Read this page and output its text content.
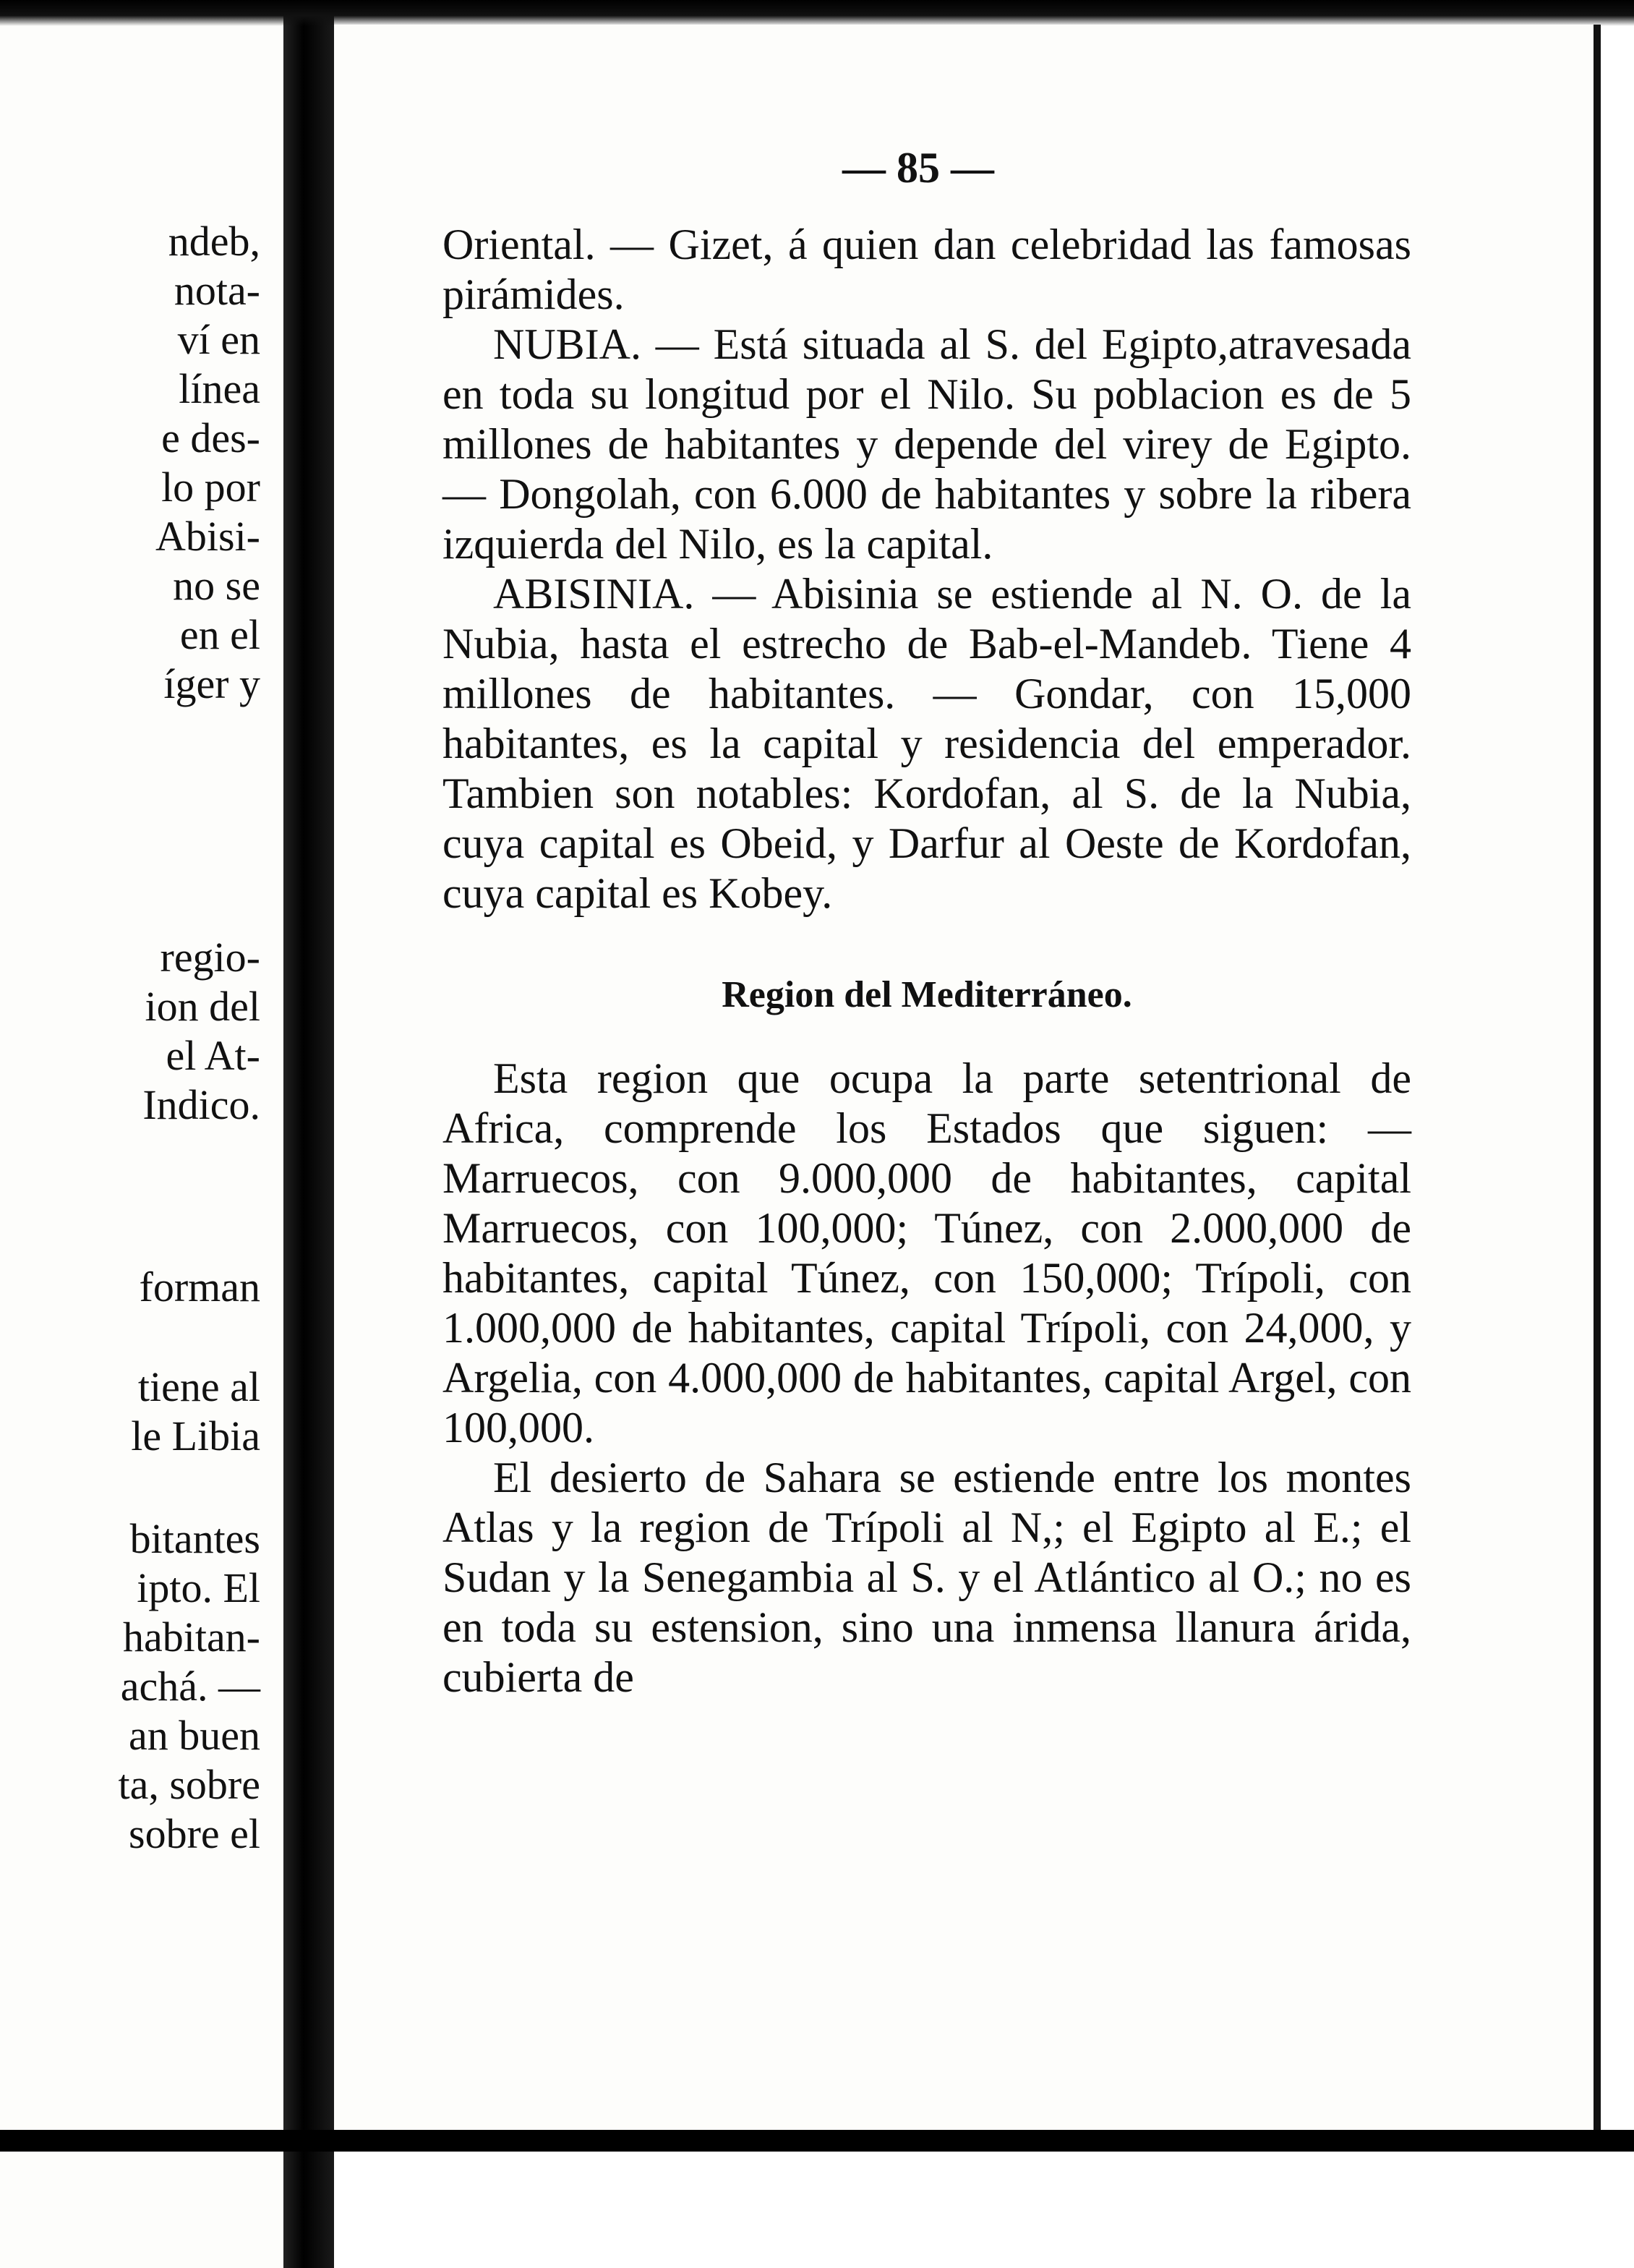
ndeb,
nota-
ví en
línea
e des-
lo por
Abisi-
no se
en el
íger y
regio-
ion del
el At-
Indico.
forman
tiene al
le Libia
bitantes
ipto. El
habitan-
achá. —
an buen
ta, sobre
sobre el
— 85 —

Oriental. — Gizet, á quien dan celebridad las famosas pirámides.

NUBIA. — Está situada al S. del Egipto,atravesada en toda su longitud por el Nilo. Su poblacion es de 5 millones de habitantes y depende del virey de Egipto. — Dongolah, con 6.000 de habitantes y sobre la ribera izquierda del Nilo, es la capital.

ABISINIA. — Abisinia se estiende al N. O. de la Nubia, hasta el estrecho de Bab-el-Mandeb. Tiene 4 millones de habitantes. — Gondar, con 15,000 habitantes, es la capital y residencia del emperador. Tambien son notables: Kordofan, al S. de la Nubia, cuya capital es Obeid, y Darfur al Oeste de Kordofan, cuya capital es Kobey.

Region del Mediterráneo.

Esta region que ocupa la parte setentrional de Africa, comprende los Estados que siguen: — Marruecos, con 9.000,000 de habitantes, capital Marruecos, con 100,000; Túnez, con 2.000,000 de habitantes, capital Túnez, con 150,000; Trípoli, con 1.000,000 de habitantes, capital Trípoli, con 24,000, y Argelia, con 4.000,000 de habitantes, capital Argel, con 100,000.

El desierto de Sahara se estiende entre los montes Atlas y la region de Trípoli al N,; el Egipto al E.; el Sudan y la Senegambia al S. y el Atlántico al O.; no es en toda su estension, sino una inmensa llanura árida, cubierta de
